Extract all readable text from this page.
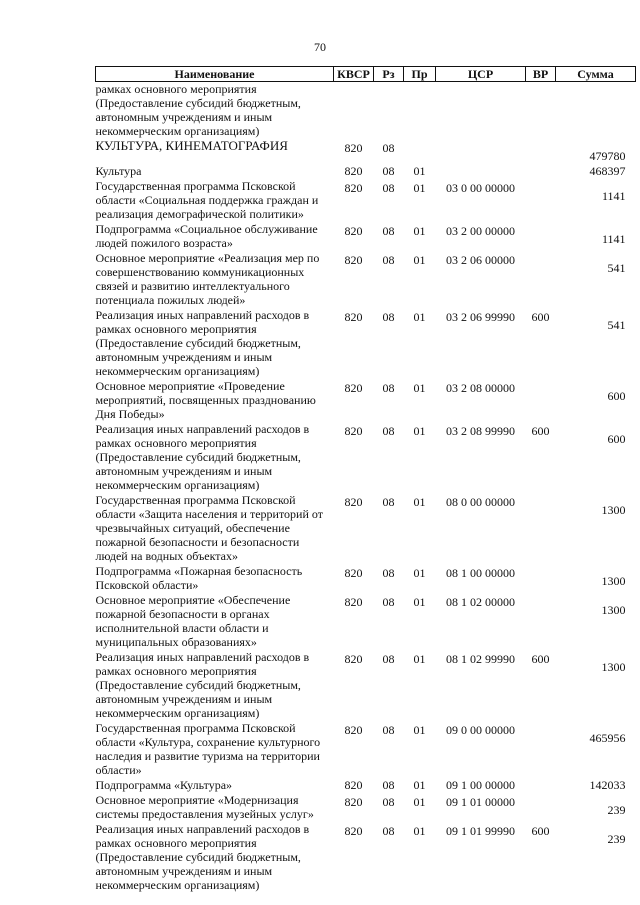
70
Наименование	КВСР	Рз	Пр	ЦСР	ВР	Сумма
рамках основного мероприятия (Предоставление субсидий бюджетным, автономным учреждениям и иным некоммерческим организациям)						
КУЛЬТУРА, КИНЕМАТОГРАФИЯ	820	08				479780
Культура	820	08	01			468397
Государственная программа Псковской области «Социальная поддержка граждан и реализация демографической политики»	820	08	01	03 0 00 00000		1141
Подпрограмма «Социальное обслуживание людей пожилого возраста»	820	08	01	03 2 00 00000		1141
Основное мероприятие «Реализация мер по совершенствованию коммуникационных связей и развитию интеллектуального потенциала пожилых людей»	820	08	01	03 2 06 00000		541
Реализация иных направлений расходов в рамках основного мероприятия (Предоставление субсидий бюджетным, автономным учреждениям и иным некоммерческим организациям)	820	08	01	03 2 06 99990	600	541
Основное мероприятие «Проведение мероприятий, посвященных празднованию Дня Победы»	820	08	01	03 2 08 00000		600
Реализация иных направлений расходов в рамках основного мероприятия (Предоставление субсидий бюджетным, автономным учреждениям и иным некоммерческим организациям)	820	08	01	03 2 08 99990	600	600
Государственная программа Псковской области «Защита населения и территорий от чрезвычайных ситуаций, обеспечение пожарной безопасности и безопасности людей на водных объектах»	820	08	01	08 0 00 00000		1300
Подпрограмма «Пожарная безопасность Псковской области»	820	08	01	08 1 00 00000		1300
Основное мероприятие «Обеспечение пожарной безопасности в органах исполнительной власти области и муниципальных образованиях»	820	08	01	08 1 02 00000		1300
Реализация иных направлений расходов в рамках основного мероприятия (Предоставление субсидий бюджетным, автономным учреждениям и иным некоммерческим организациям)	820	08	01	08 1 02 99990	600	1300
Государственная программа Псковской области «Культура, сохранение культурного наследия и развитие туризма на территории области»	820	08	01	09 0 00 00000		465956
Подпрограмма «Культура»	820	08	01	09 1 00 00000		142033
Основное мероприятие «Модернизация системы предоставления музейных услуг»	820	08	01	09 1 01 00000		239
Реализация иных направлений расходов в рамках основного мероприятия (Предоставление субсидий бюджетным, автономным учреждениям и иным некоммерческим организациям)	820	08	01	09 1 01 99990	600	239
